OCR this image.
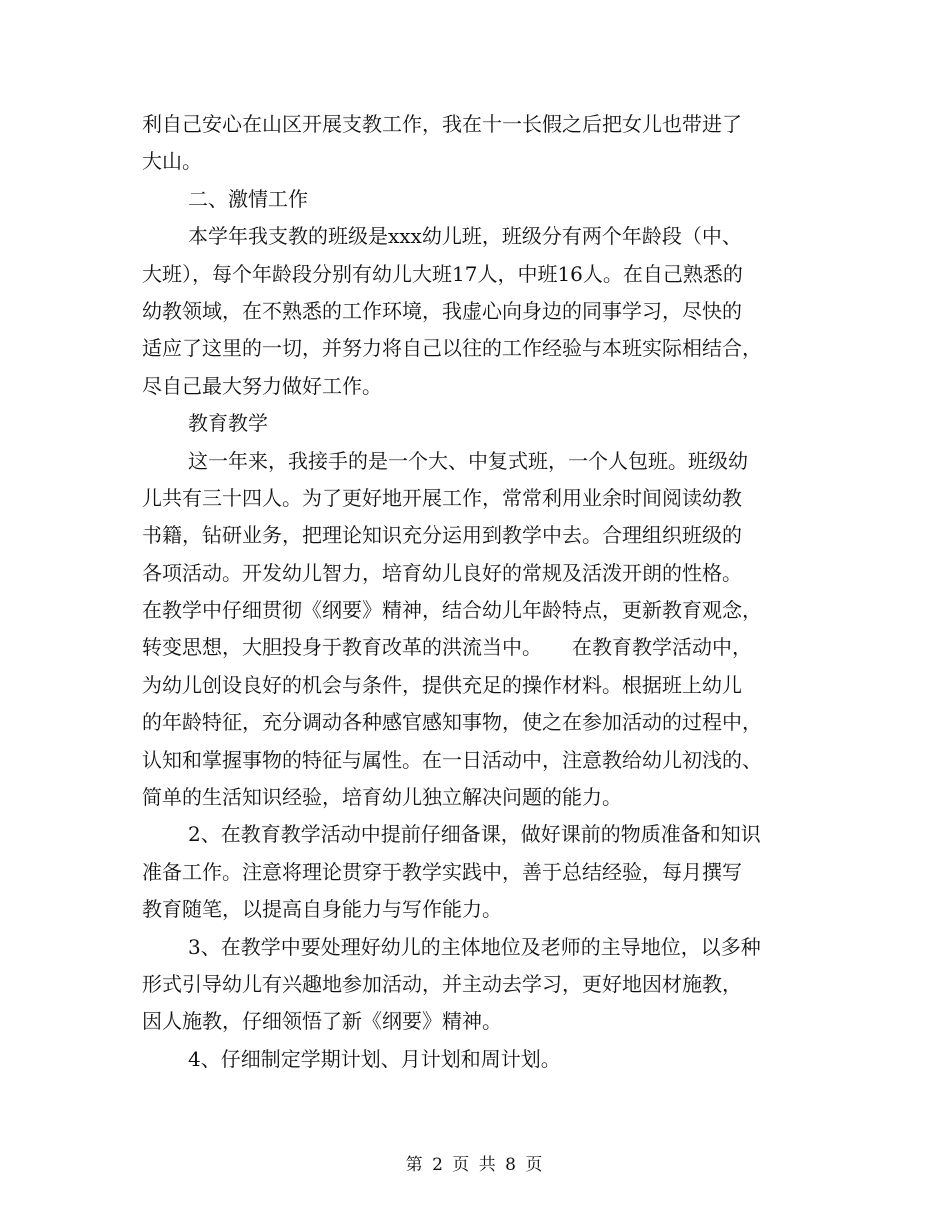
利自己安心在山区开展支教工作，我在十一长假之后把女儿也带进了
大山。
二、激情工作
本学年我支教的班级是xxx幼儿班，班级分有两个年龄段（中、
大班），每个年龄段分别有幼儿大班17人，中班16人。在自己熟悉的
幼教领域，在不熟悉的工作环境，我虚心向身边的同事学习，尽快的
适应了这里的一切，并努力将自己以往的工作经验与本班实际相结合，
尽自己最大努力做好工作。
教育教学
这一年来，我接手的是一个大、中复式班，一个人包班。班级幼
儿共有三十四人。为了更好地开展工作，常常利用业余时间阅读幼教
书籍，钻研业务，把理论知识充分运用到教学中去。合理组织班级的
各项活动。开发幼儿智力，培育幼儿良好的常规及活泼开朗的性格。
在教学中仔细贯彻《纲要》精神，结合幼儿年龄特点，更新教育观念，
转变思想，大胆投身于教育改革的洪流当中。　　在教育教学活动中，
为幼儿创设良好的机会与条件，提供充足的操作材料。根据班上幼儿
的年龄特征，充分调动各种感官感知事物，使之在参加活动的过程中，
认知和掌握事物的特征与属性。在一日活动中，注意教给幼儿初浅的、
简单的生活知识经验，培育幼儿独立解决问题的能力。
2、在教育教学活动中提前仔细备课，做好课前的物质准备和知识
准备工作。注意将理论贯穿于教学实践中，善于总结经验，每月撰写
教育随笔，以提高自身能力与写作能力。
3、在教学中要处理好幼儿的主体地位及老师的主导地位，以多种
形式引导幼儿有兴趣地参加活动，并主动去学习，更好地因材施教，
因人施教，仔细领悟了新《纲要》精神。
4、仔细制定学期计划、月计划和周计划。
第 2 页 共 8 页
